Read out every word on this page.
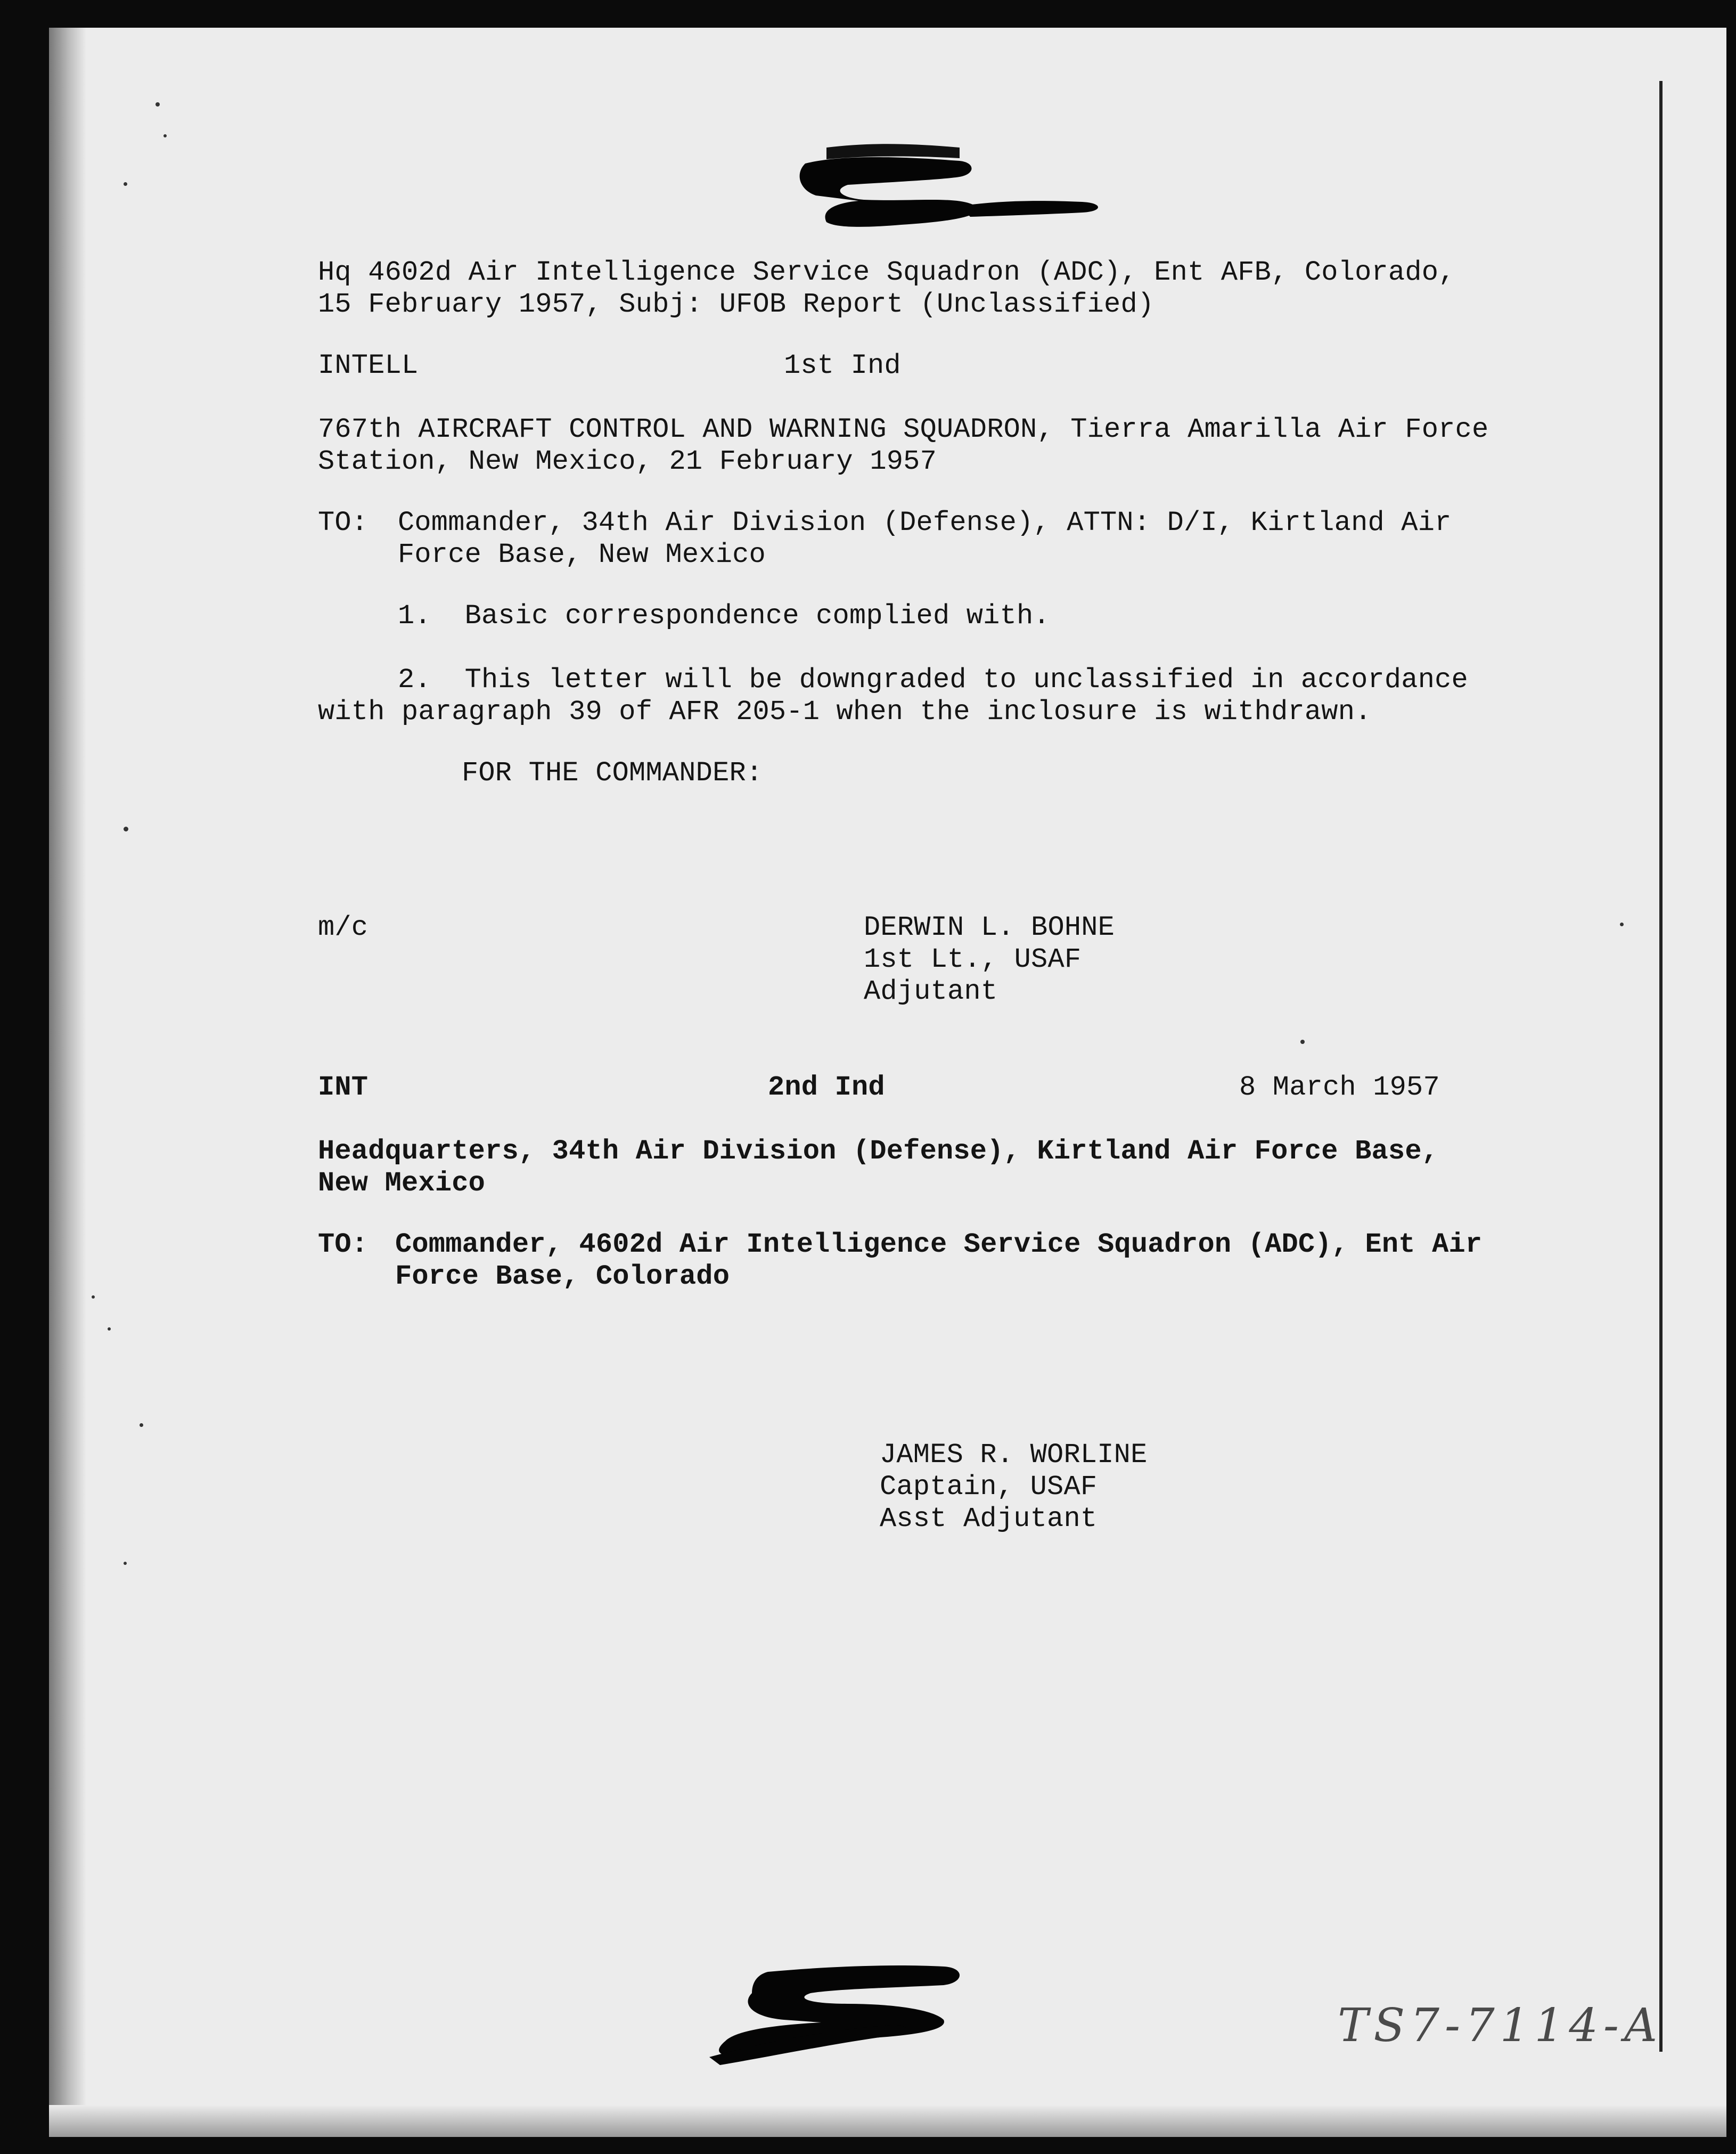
Hq 4602d Air Intelligence Service Squadron (ADC), Ent AFB, Colorado,
15 February 1957, Subj: UFOB Report (Unclassified)
INTELL	1st Ind
767th AIRCRAFT CONTROL AND WARNING SQUADRON, Tierra Amarilla Air Force
Station, New Mexico, 21 February 1957
TO: Commander, 34th Air Division (Defense), ATTN: D/I, Kirtland Air
Force Base, New Mexico
1.  Basic correspondence complied with.
2.  This letter will be downgraded to unclassified in accordance
with paragraph 39 of AFR 205-1 when the inclosure is withdrawn.
FOR THE COMMANDER:
m/c	DERWIN L. BOHNE
1st Lt., USAF
Adjutant
INT	2nd Ind	8 March 1957
Headquarters, 34th Air Division (Defense), Kirtland Air Force Base,
New Mexico
TO: Commander, 4602d Air Intelligence Service Squadron (ADC), Ent Air
Force Base, Colorado
JAMES R. WORLINE
Captain, USAF
Asst Adjutant
TS7-7114-A
